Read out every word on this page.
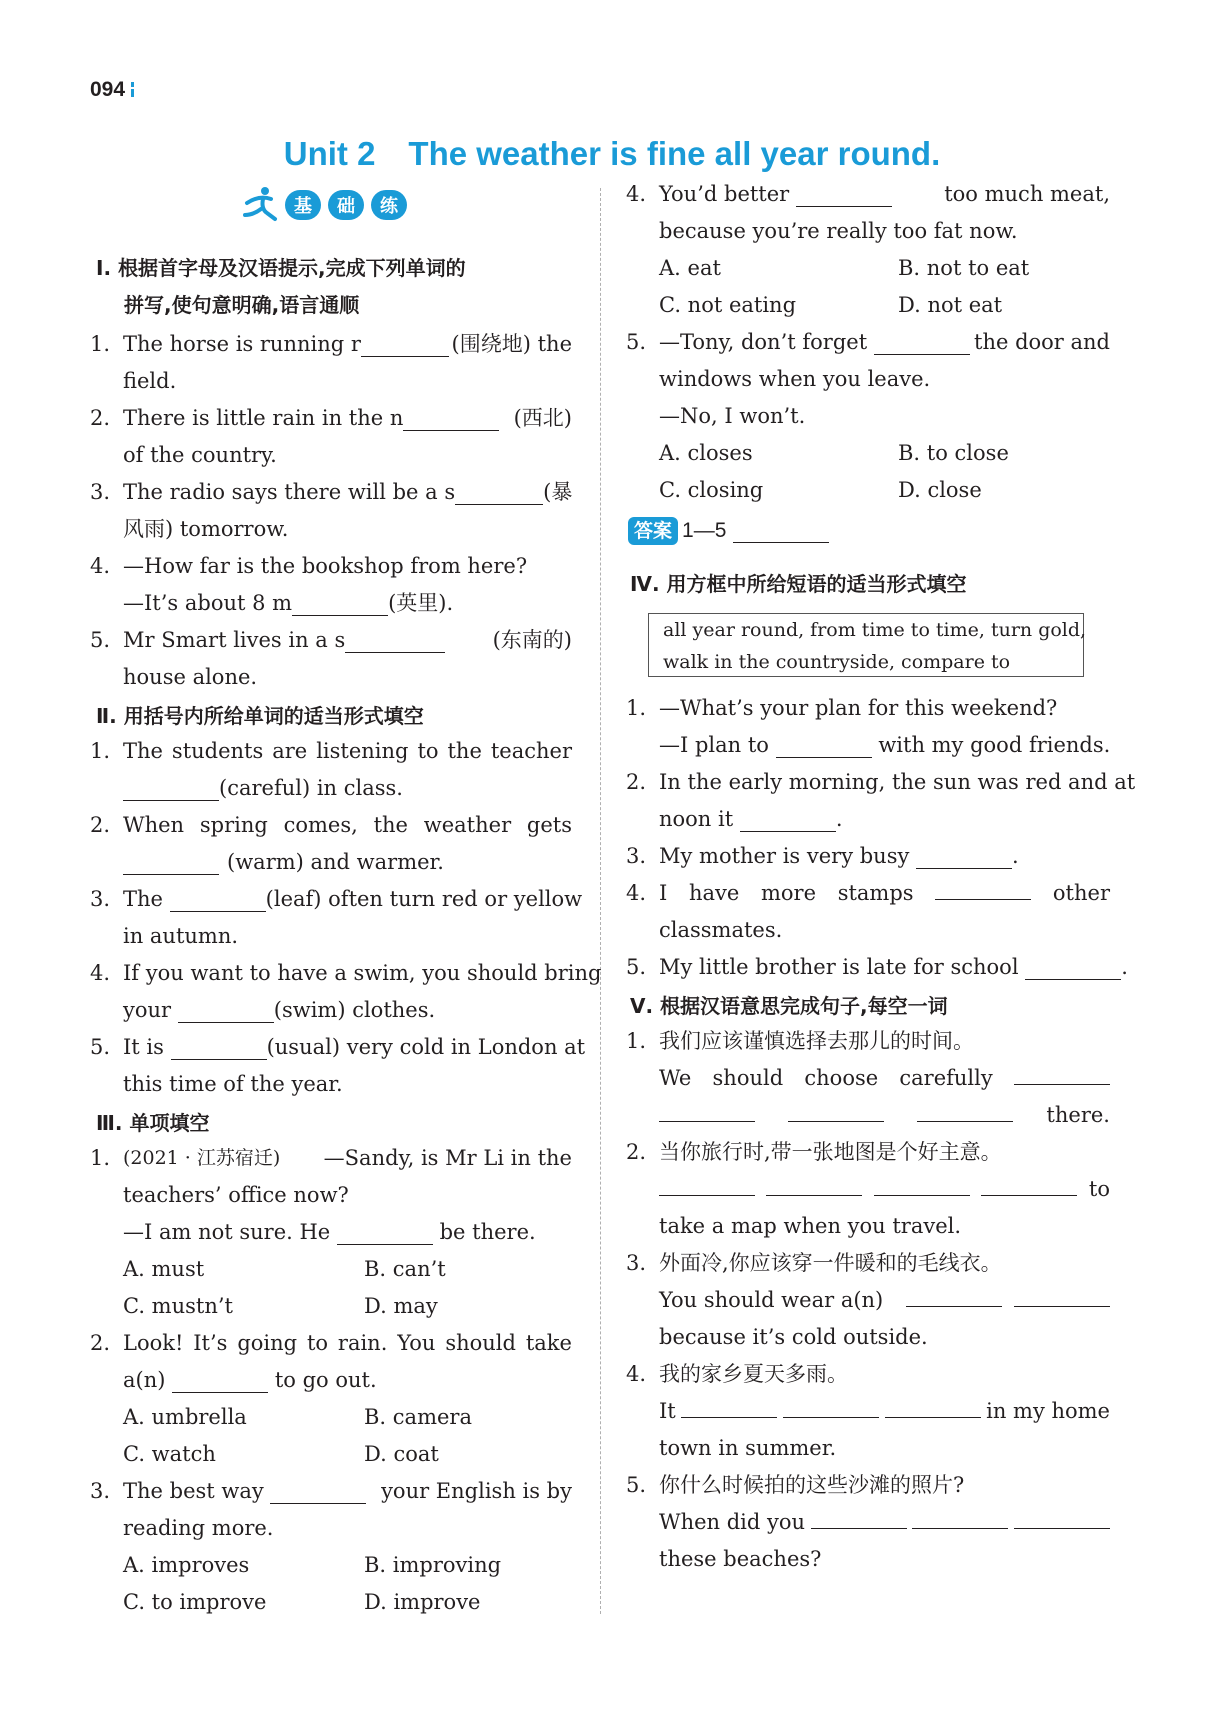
094
Unit 2　The weather is fine all year round.
基	础	练
Ⅰ. 根据首字母及汉语提示,完成下列单词的
拼写,使句意明确,语言通顺
1. The horse is running r	(围绕地) the
field.
2. There is little rain in the n	(西北)
of the country.
3. The radio says there will be a s	(暴
风雨) tomorrow.
4. —How far is the bookshop from here?
—It’s about 8 m	(英里).
5. Mr Smart lives in a s	(东南的)
house alone.
Ⅱ. 用括号内所给单词的适当形式填空
1. The students are listening to the teacher
(careful) in class.
2. When spring comes, the weather gets
(warm) and warmer.
3. The	(leaf) often turn red or yellow
in autumn.
4. If you want to have a swim, you should bring
your	(swim) clothes.
5. It is	(usual) very cold in London at
this time of the year.
Ⅲ. 单项填空
1. (2021 · 江苏宿迁) —Sandy, is Mr Li in the
teachers’ office now?
—I am not sure. He	be there.
A. must	B. can’t
C. mustn’t	D. may
2. Look! It’s going to rain. You should take
a(n)	to go out.
A. umbrella	B. camera
C. watch	D. coat
3. The best way	your English is by
reading more.
A. improves	B. improving
C. to improve	D. improve
4. You’d better	too much meat,
because you’re really too fat now.
A. eat	B. not to eat
C. not eating	D. not eat
5. —Tony, don’t forget	the door and
windows when you leave.
—No, I won’t.
A. closes	B. to close
C. closing	D. close
答案 1—5
Ⅳ. 用方框中所给短语的适当形式填空
all year round, from time to time, turn gold,
walk in the countryside, compare to
1. —What’s your plan for this weekend?
—I plan to	with my good friends.
2. In the early morning, the sun was red and at
noon it	.
3. My mother is very busy	.
4. I have more stamps	other
classmates.
5. My little brother is late for school	.
Ⅴ. 根据汉语意思完成句子,每空一词
1. 我们应该谨慎选择去那儿的时间。
We should choose carefully
there.
2. 当你旅行时,带一张地图是个好主意。
to
take a map when you travel.
3. 外面冷,你应该穿一件暖和的毛线衣。
You should wear a(n)
because it’s cold outside.
4. 我的家乡夏天多雨。
It	in my home
town in summer.
5. 你什么时候拍的这些沙滩的照片?
When did you
these beaches?
